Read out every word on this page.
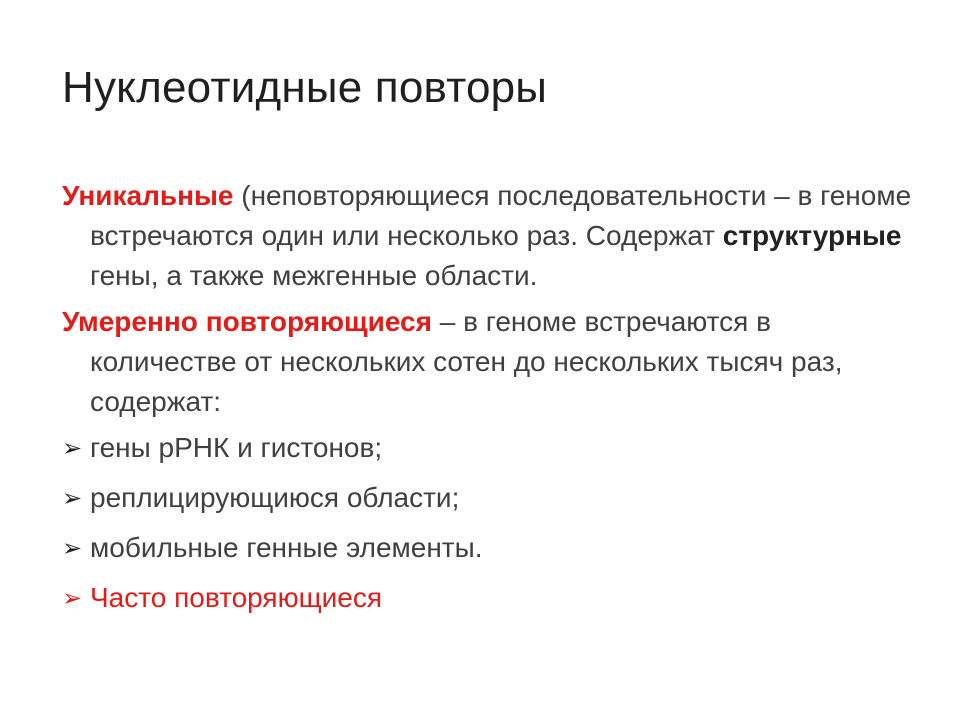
Нуклеотидные повторы

Уникальные (неповторяющиеся последовательности – в геноме встречаются один или несколько раз. Содержат структурные гены, а также межгенные области.

Умеренно повторяющиеся – в геноме встречаются в количестве от нескольких сотен до нескольких тысяч раз, содержат:

➢ гены рРНК и гистонов;
➢ реплицирующиюся области;
➢ мобильные генные элементы.
➢ Часто повторяющиеся
